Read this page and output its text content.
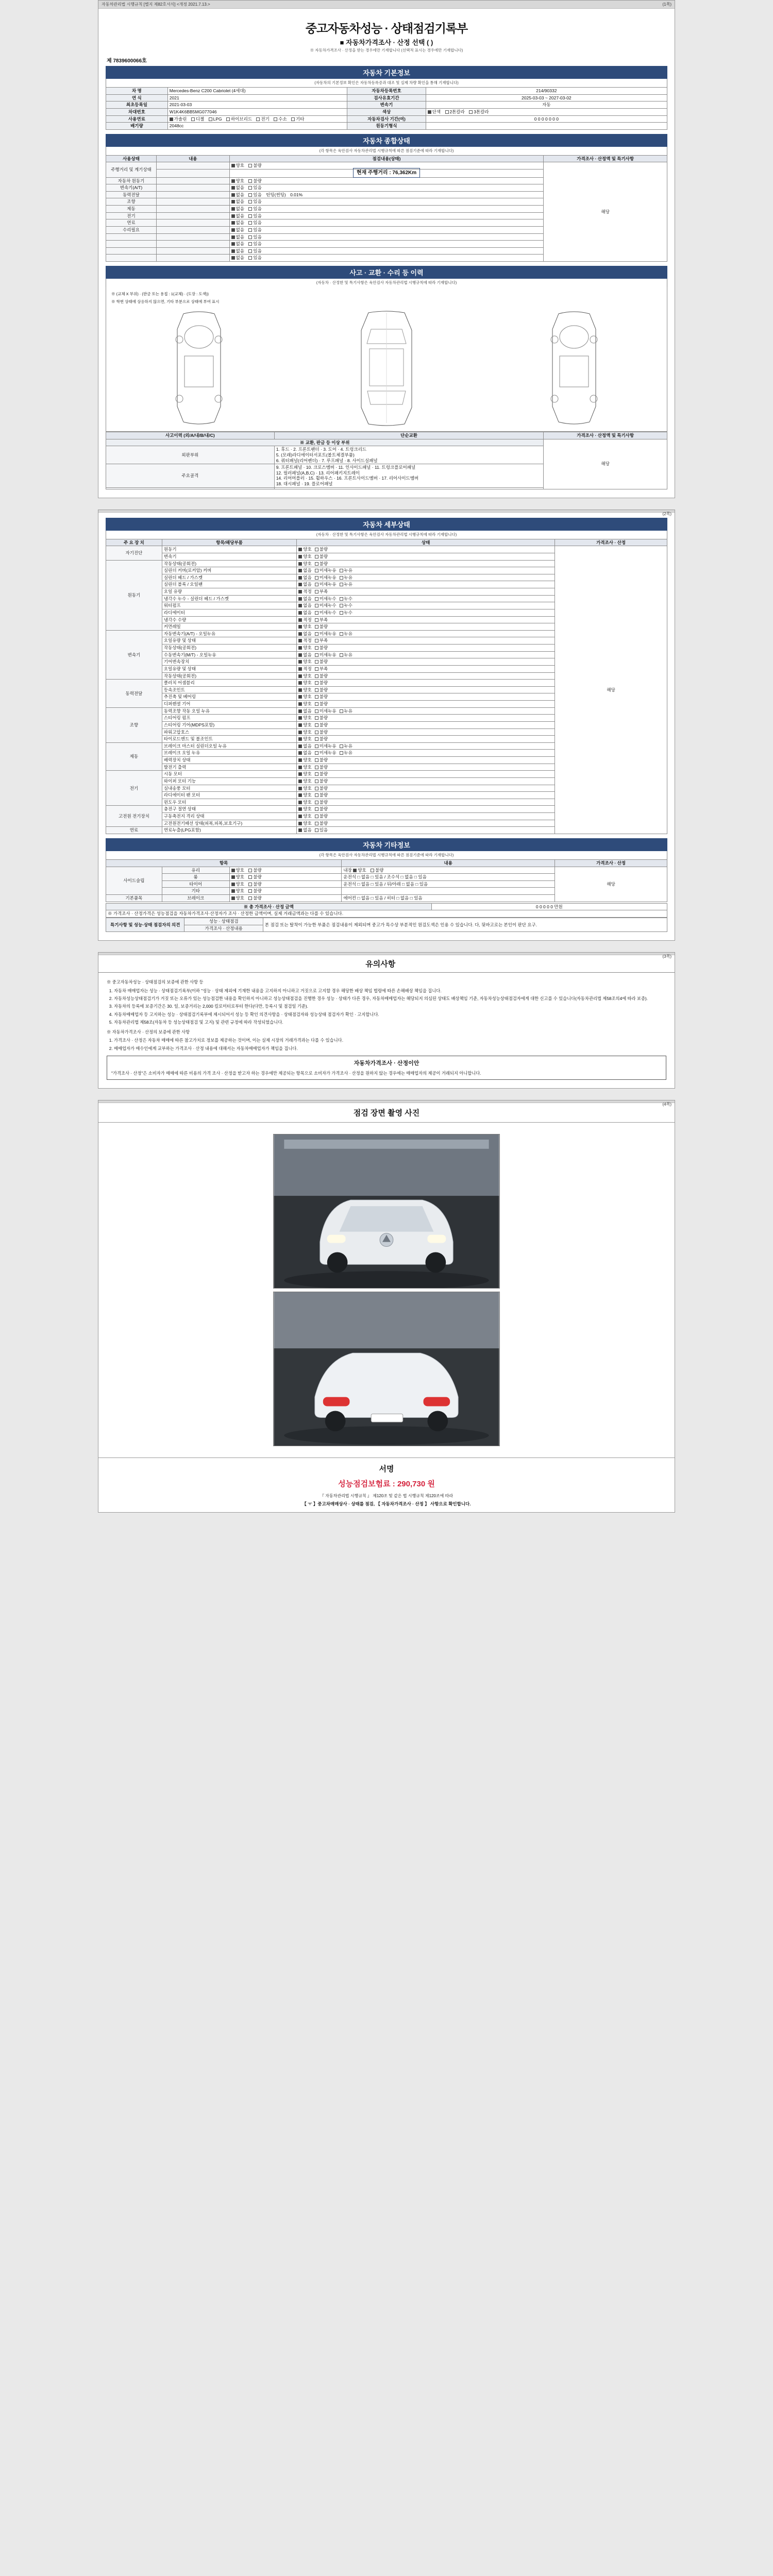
자동차관리법 시행규칙 [별지 제82호서식] <개정 2021.7.13.>	(1쪽)
중고자동차성능 · 상태점검기록부
■ 자동차가격조사 · 산정 선택 ( )
※ 자동차가격조사 · 산정을 받는 경우에만 기재합니다 (선택적 표시는 경우에만 기재합니다)
제 7839600066호
자동차 기본정보
(자동차의 기본정보 확인은 자동차등록증과 대조 및 실제 차량 확인을 통해 기재합니다)
차 명	Mercedes-Benz C200 Cabriolet (4세대)	자동차등록번호	214/90332
연 식	2021	검사유효기간	2025-03-03 ~ 2027-03-02
최초등록일	2021-03-03	변속기	자동
차대번호	W1K4K6BB5MG077046	색상	단색 2톤칼라 3톤칼라
사용연료	가솔린 디젤 LPG 하이브리드 전기 수소 기타	자동차검사 기간(여)	0 0 0 0 0 0 0
배기량	2048cc	원동기형식	
자동차 종합상태
(각 항목은 육안검사 자동차관리법 시행규칙에 따른 점검기준에 따라 기재합니다)
사용상태	내용	점검내용(상태)	가격조사 · 산정액 및 특기사항
주행거리 및 계기상태		양호 불량	해당
		현재 주행거리 : 76,362Km	
자동차 원동기		양호 불량	
변속기(A/T)		없음 있음	
동력전달		없음 있음 틴팅(썬팅) 0.01%	
조향		없음 있음	
제동		없음 있음	
전기		없음 있음	
연료		없음 있음	
수리필요		없음 있음	
		없음 있음	
		없음 있음	
		없음 있음	
		없음 있음	
사고 · 교환 · 수리 등 이력
(자동차 · 산정한 및 특기사항은 육안검사 자동차관리법 시행규칙에 따라 기재합니다)
※ (교체 X 부위) · (판금 또는 용접 : 1(교체) · (도장 : 도색))
※ 학번 상태에 상응하지 않으면, 기타 부분으로 상태에 부여 표시
사고이력 (외/A/내/B/내/C)	단순교환	가격조사 · 산정액 및 특기사항
※ 교환, 판금 등 이상 부위		해당
외판부위	1. 후드 · 2. 프론트팬더 · 3. 도어 · 4. 트렁크리드
5. (모래)라디에이터서포트(볼트체결부품)
6. 쿼터패널(리어펜더) · 7. 루프패널 · 8. 사이드실패널	
주요골격	9. 프론트패널 · 10. 크로스멤버 · 11. 인사이드패널 · 11. 트렁크플로어패널
12. 필러패널(A,B,C) · 13. 리어패키지트레이
14. 리어머플러 · 15. 휠하우스 · 16. 프론트사이드멤버 · 17. 리어사이드멤버
18. 대시패널 · 19. 플로어패널	

(2쪽)
자동차 세부상태
(자동차 · 산정한 및 특기사항은 육안검사 자동차관리법 시행규칙에 따라 기재합니다)
주 요 장 치	항목/해당부품	상태	가격조사 · 산정
자기진단	원동기	양호 불량	해당
	변속기	양호 불량	
원동기	작동상태(공회전)	양호 불량	
	실린더 커버(로커암) 커버	없음 미세누유 누유	
	실린더 헤드 / 가스켓	없음 미세누유 누유	
	실린더 블록 / 오일팬	없음 미세누유 누유	
	오일 유량	적정 부족	
	냉각수 누수 - 실린더 헤드 / 가스켓	없음 미세누수 누수	
	워터펌프	없음 미세누수 누수	
	라디에이터	없음 미세누수 누수	
	냉각수 수량	적정 부족	
	커먼레일	양호 불량	
변속기	자동변속기(A/T) - 오일누유	없음 미세누유 누유	
	오일유량 및 상태	적정 부족	
	작동상태(공회전)	양호 불량	
	수동변속기(M/T) - 오일누유	없음 미세누유 누유	
	기어변속장치	양호 불량	
	오일유량 및 상태	적정 부족	
	작동상태(공회전)	양호 불량	
동력전달	클러치 어셈블리	양호 불량	
	등속조인트	양호 불량	
	추진축 및 베어링	양호 불량	
	디퍼렌셜 기어	양호 불량	
조향	동력조향 작동 오일 누유	없음 미세누유 누유	
	스티어링 펌프	양호 불량	
	스티어링 기어(MDPS포함)	양호 불량	
	파워고압호스	양호 불량	
	타이로드엔드 및 볼조인트	양호 불량	
제동	브레이크 마스터 실린더오일 누유	없음 미세누유 누유	
	브레이크 오일 누유	없음 미세누유 누유	
	배력장치 상태	양호 불량	
	발전기 출력	양호 불량	
전기	시동 모터	양호 불량	
	와이퍼 모터 기능	양호 불량	
	실내송풍 모터	양호 불량	
	라디에이터 팬 모터	양호 불량	
	윈도우 모터	양호 불량	
고전원 전기장치	충전구 절연 상태	양호 불량	
	구동축전지 격리 상태	양호 불량	
	고전원전기배선 상태(피복,피복,보호기구)	양호 불량	
연료	연료누출(LPG포함)	없음 있음	
자동차 기타정보
(각 항목은 육안검사 자동차관리법 시행규칙에 따른 점검기준에 따라 기재합니다)
항목			내용	가격조사 · 산정
사이드슬립	유리	양호 불량	내장 양호 불량	해당
	룸	양호 불량	운전석 □ 없음 □ 있음 / 조수석 □ 없음 □ 있음	
	타이어	양호 불량	운전석 □ 없음 □ 있음 / 뒤/아래 □ 없음 □ 있음	
	기타	양호 불량		
기본품목	브레이크	양호 불량	에어컨 □ 없음 □ 있음 / 히터 □ 없음 □ 있음	
※ 총 가격조사 · 산정 금액	0 0 0 0 0 만원
※ 가격조사 · 산정가격은 성능점검을 자동차가격조사·산정자가 조사 · 산정한 금액이며, 실제 거래금액과는 다를 수 있습니다.
특기사항 및 성능·상태 점검자의 의견	성능 · 상태점검	본 점검 또는 탈착이 가능한 부품은 점검내용이 제외되며 중고가 특수상 부분적인 원검도색은 인용 수 있습니다. 다, 뒷바고로는 본인이 판단 요구.
가격조사 · 산정내용
(3쪽)
유의사항

※ 중고자동차성능 · 상태점검의 보증에 관한 사항 등

1. 자동차 매매업자는 성능 · 상태점검기록부(이하 "성능 · 상태 제외에 기재한 내용을 고지하지 아니하고 거짓으로 고지할 경우 해당한 배상 책임 법령에 따른 손해배상 책임을 집니다.
2. 자동차성능상태점검기가 거짓 또는 오류가 있는 성능점검한 내용을 확인하지 아니하고 성능상태점검을 진행한 경우 성능 · 상태가 다른 경우, 자동차매매업자는 해당되지 의심된 상태도 배상책임 기준, 자동차성능상태점검자에게 대한 신고를 수 있습니다(자동차관리법 제58조의4에 따라 보증).
3. 자동차의 등록에 보증기간은 30. 일, 보증거리는 2,000 킬로미터로부터 한다(다만, 등록시 및 점검일 기준).
4. 자동차매매업자 등 고지하는 성능 · 상태점검기록부에 제시되어서 성능 등 확인 의견사항을 · 상태점검자와 성능상태 점검자가 확인 · 고지합니다.
5. 자동차관리법 제58조(자동차 등 성능상태점검 및 고지) 및 관련 규정에 따라 작성되었습니다.

※ 자동차가격조사 · 산정의 보증에 관한 사항

1. 가격조사 · 산정은 자동차 매매에 따른 참고가치로 정보를 제공하는 것이며, 이는 실제 시장의 거래가격과는 다를 수 있습니다.
2. 매매업자가 매수인에게 교부하는 가격조사 · 산정 내용에 대해서는 자동차매매업자가 책임을 집니다.
자동차가격조사 · 산정이안
"가격조사 · 산정"은 소비자가 매매에 따른 비용의 가격 조사 · 산정을 받고자 하는 경우에만 제공되는 항목으로 소비자가 가격조사 · 산정을 원하지 않는 경우에는 매매업자의 제공이 거래되지 아니합니다.
(4쪽)
점검 장면 촬영 사진
서명
성능점검보험료 : 290,730 원
『 자동차관리법 시행규칙 』 제120조 및 같은 법 시행규칙 제120조에 따라
【 ㅜ 】중고차매매상사 · 상태를 점검, 【 자동차가격조사 · 산정 】 사항으로 확인합니다.
